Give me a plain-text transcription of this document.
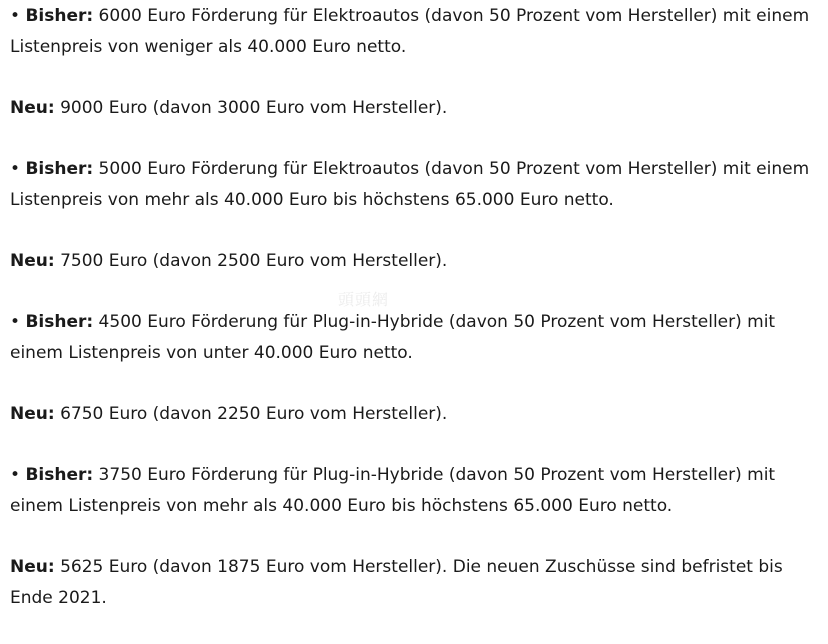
• Bisher: 6000 Euro Förderung für Elektroautos (davon 50 Prozent vom Hersteller) mit einem Listenpreis von weniger als 40.000 Euro netto.

Neu: 9000 Euro (davon 3000 Euro vom Hersteller).

• Bisher: 5000 Euro Förderung für Elektroautos (davon 50 Prozent vom Hersteller) mit einem Listenpreis von mehr als 40.000 Euro bis höchstens 65.000 Euro netto.

Neu: 7500 Euro (davon 2500 Euro vom Hersteller).

• Bisher: 4500 Euro Förderung für Plug-in-Hybride (davon 50 Prozent vom Hersteller) mit einem Listenpreis von unter 40.000 Euro netto.

Neu: 6750 Euro (davon 2250 Euro vom Hersteller).

• Bisher: 3750 Euro Förderung für Plug-in-Hybride (davon 50 Prozent vom Hersteller) mit einem Listenpreis von mehr als 40.000 Euro bis höchstens 65.000 Euro netto.

Neu: 5625 Euro (davon 1875 Euro vom Hersteller). Die neuen Zuschüsse sind befristet bis Ende 2021.

頭頭網
